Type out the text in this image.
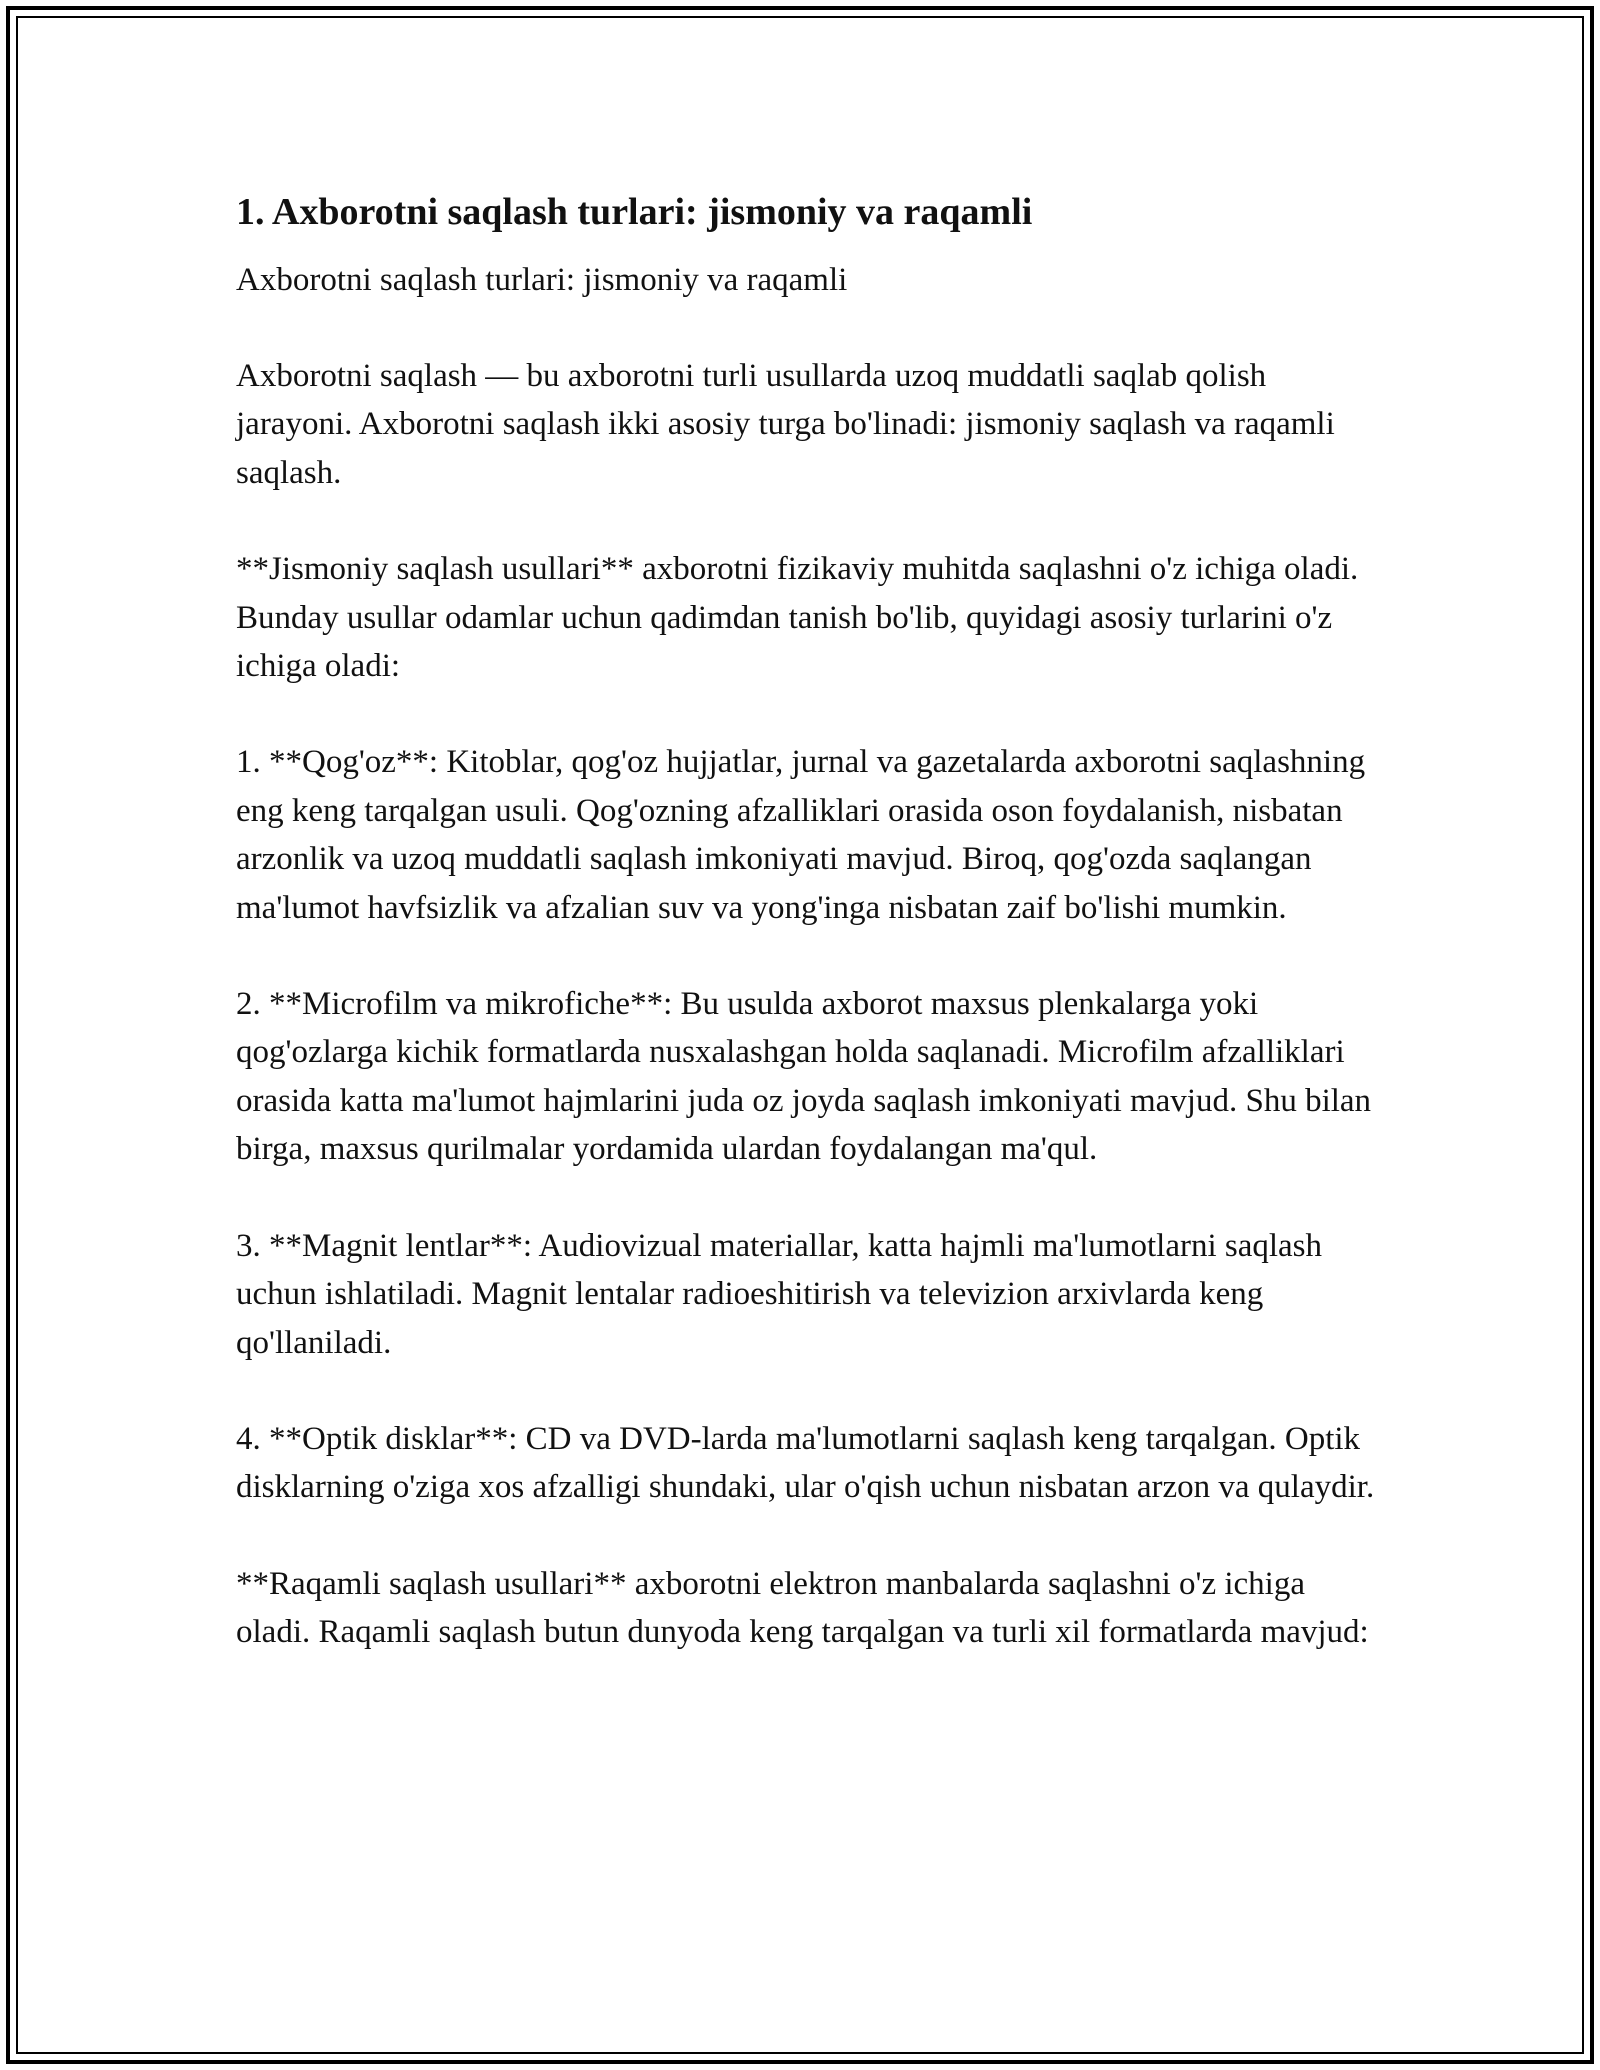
1. Axborotni saqlash turlari: jismoniy va raqamli
Axborotni saqlash turlari: jismoniy va raqamli
Axborotni saqlash — bu axborotni turli usullarda uzoq muddatli saqlab qolish jarayoni. Axborotni saqlash ikki asosiy turga bo'linadi: jismoniy saqlash va raqamli saqlash.
**Jismoniy saqlash usullari** axborotni fizikaviy muhitda saqlashni o'z ichiga oladi. Bunday usullar odamlar uchun qadimdan tanish bo'lib, quyidagi asosiy turlarini o'z ichiga oladi:
1. **Qog'oz**: Kitoblar, qog'oz hujjatlar, jurnal va gazetalarda axborotni saqlashning eng keng tarqalgan usuli. Qog'ozning afzalliklari orasida oson foydalanish, nisbatan arzonlik va uzoq muddatli saqlash imkoniyati mavjud. Biroq, qog'ozda saqlangan ma'lumot havfsizlik va afzalian suv va yong'inga nisbatan zaif bo'lishi mumkin.
2. **Microfilm va mikrofiche**: Bu usulda axborot maxsus plenkalarga yoki qog'ozlarga kichik formatlarda nusxalashgan holda saqlanadi. Microfilm afzalliklari orasida katta ma'lumot hajmlarini juda oz joyda saqlash imkoniyati mavjud. Shu bilan birga, maxsus qurilmalar yordamida ulardan foydalangan ma'qul.
3. **Magnit lentlar**: Audiovizual materiallar, katta hajmli ma'lumotlarni saqlash uchun ishlatiladi. Magnit lentalar radioeshitirish va televizion arxivlarda keng qo'llaniladi.
4. **Optik disklar**: CD va DVD-larda ma'lumotlarni saqlash keng tarqalgan. Optik disklarning o'ziga xos afzalligi shundaki, ular o'qish uchun nisbatan arzon va qulaydir.
**Raqamli saqlash usullari** axborotni elektron manbalarda saqlashni o'z ichiga oladi. Raqamli saqlash butun dunyoda keng tarqalgan va turli xil formatlarda mavjud:
